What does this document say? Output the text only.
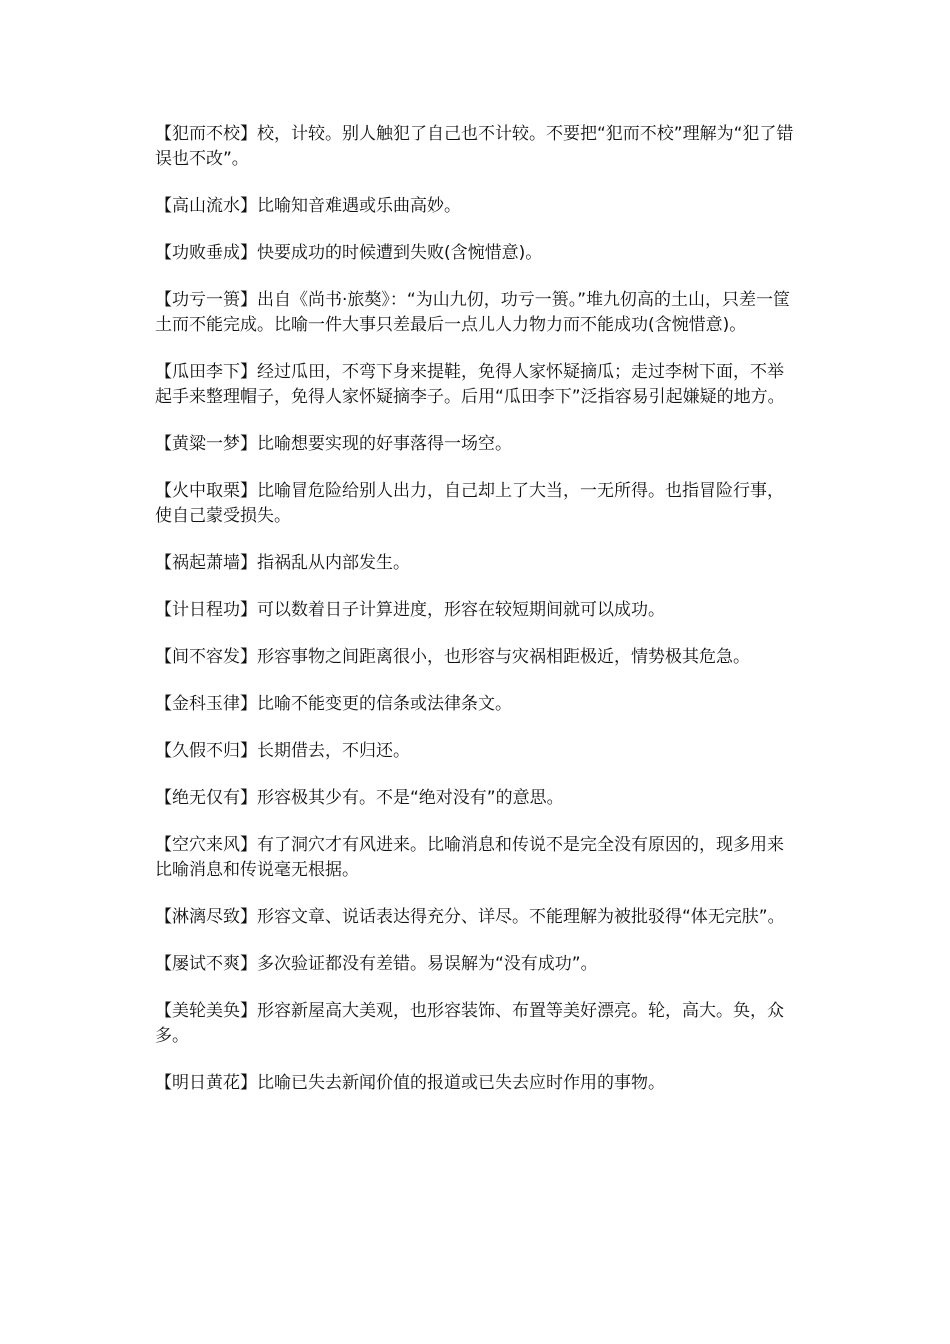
【犯而不校】校，计较。别人触犯了自己也不计较。不要把“犯而不校”理解为“犯了错误也不改”。

【高山流水】比喻知音难遇或乐曲高妙。

【功败垂成】快要成功的时候遭到失败(含惋惜意)。

【功亏一篑】出自《尚书·旅獒》：“为山九仞，功亏一篑。”堆九仞高的土山，只差一筐土而不能完成。比喻一件大事只差最后一点儿人力物力而不能成功(含惋惜意)。

【瓜田李下】经过瓜田，不弯下身来提鞋，免得人家怀疑摘瓜；走过李树下面，不举起手来整理帽子，免得人家怀疑摘李子。后用“瓜田李下”泛指容易引起嫌疑的地方。

【黄粱一梦】比喻想要实现的好事落得一场空。

【火中取栗】比喻冒危险给别人出力，自己却上了大当，一无所得。也指冒险行事，使自己蒙受损失。

【祸起萧墙】指祸乱从内部发生。

【计日程功】可以数着日子计算进度，形容在较短期间就可以成功。

【间不容发】形容事物之间距离很小，也形容与灾祸相距极近，情势极其危急。

【金科玉律】比喻不能变更的信条或法律条文。

【久假不归】长期借去，不归还。

【绝无仅有】形容极其少有。不是“绝对没有”的意思。

【空穴来风】有了洞穴才有风进来。比喻消息和传说不是完全没有原因的，现多用来比喻消息和传说毫无根据。

【淋漓尽致】形容文章、说话表达得充分、详尽。不能理解为被批驳得“体无完肤”。

【屡试不爽】多次验证都没有差错。易误解为“没有成功”。

【美轮美奂】形容新屋高大美观，也形容装饰、布置等美好漂亮。轮，高大。奂，众多。

【明日黄花】比喻已失去新闻价值的报道或已失去应时作用的事物。
